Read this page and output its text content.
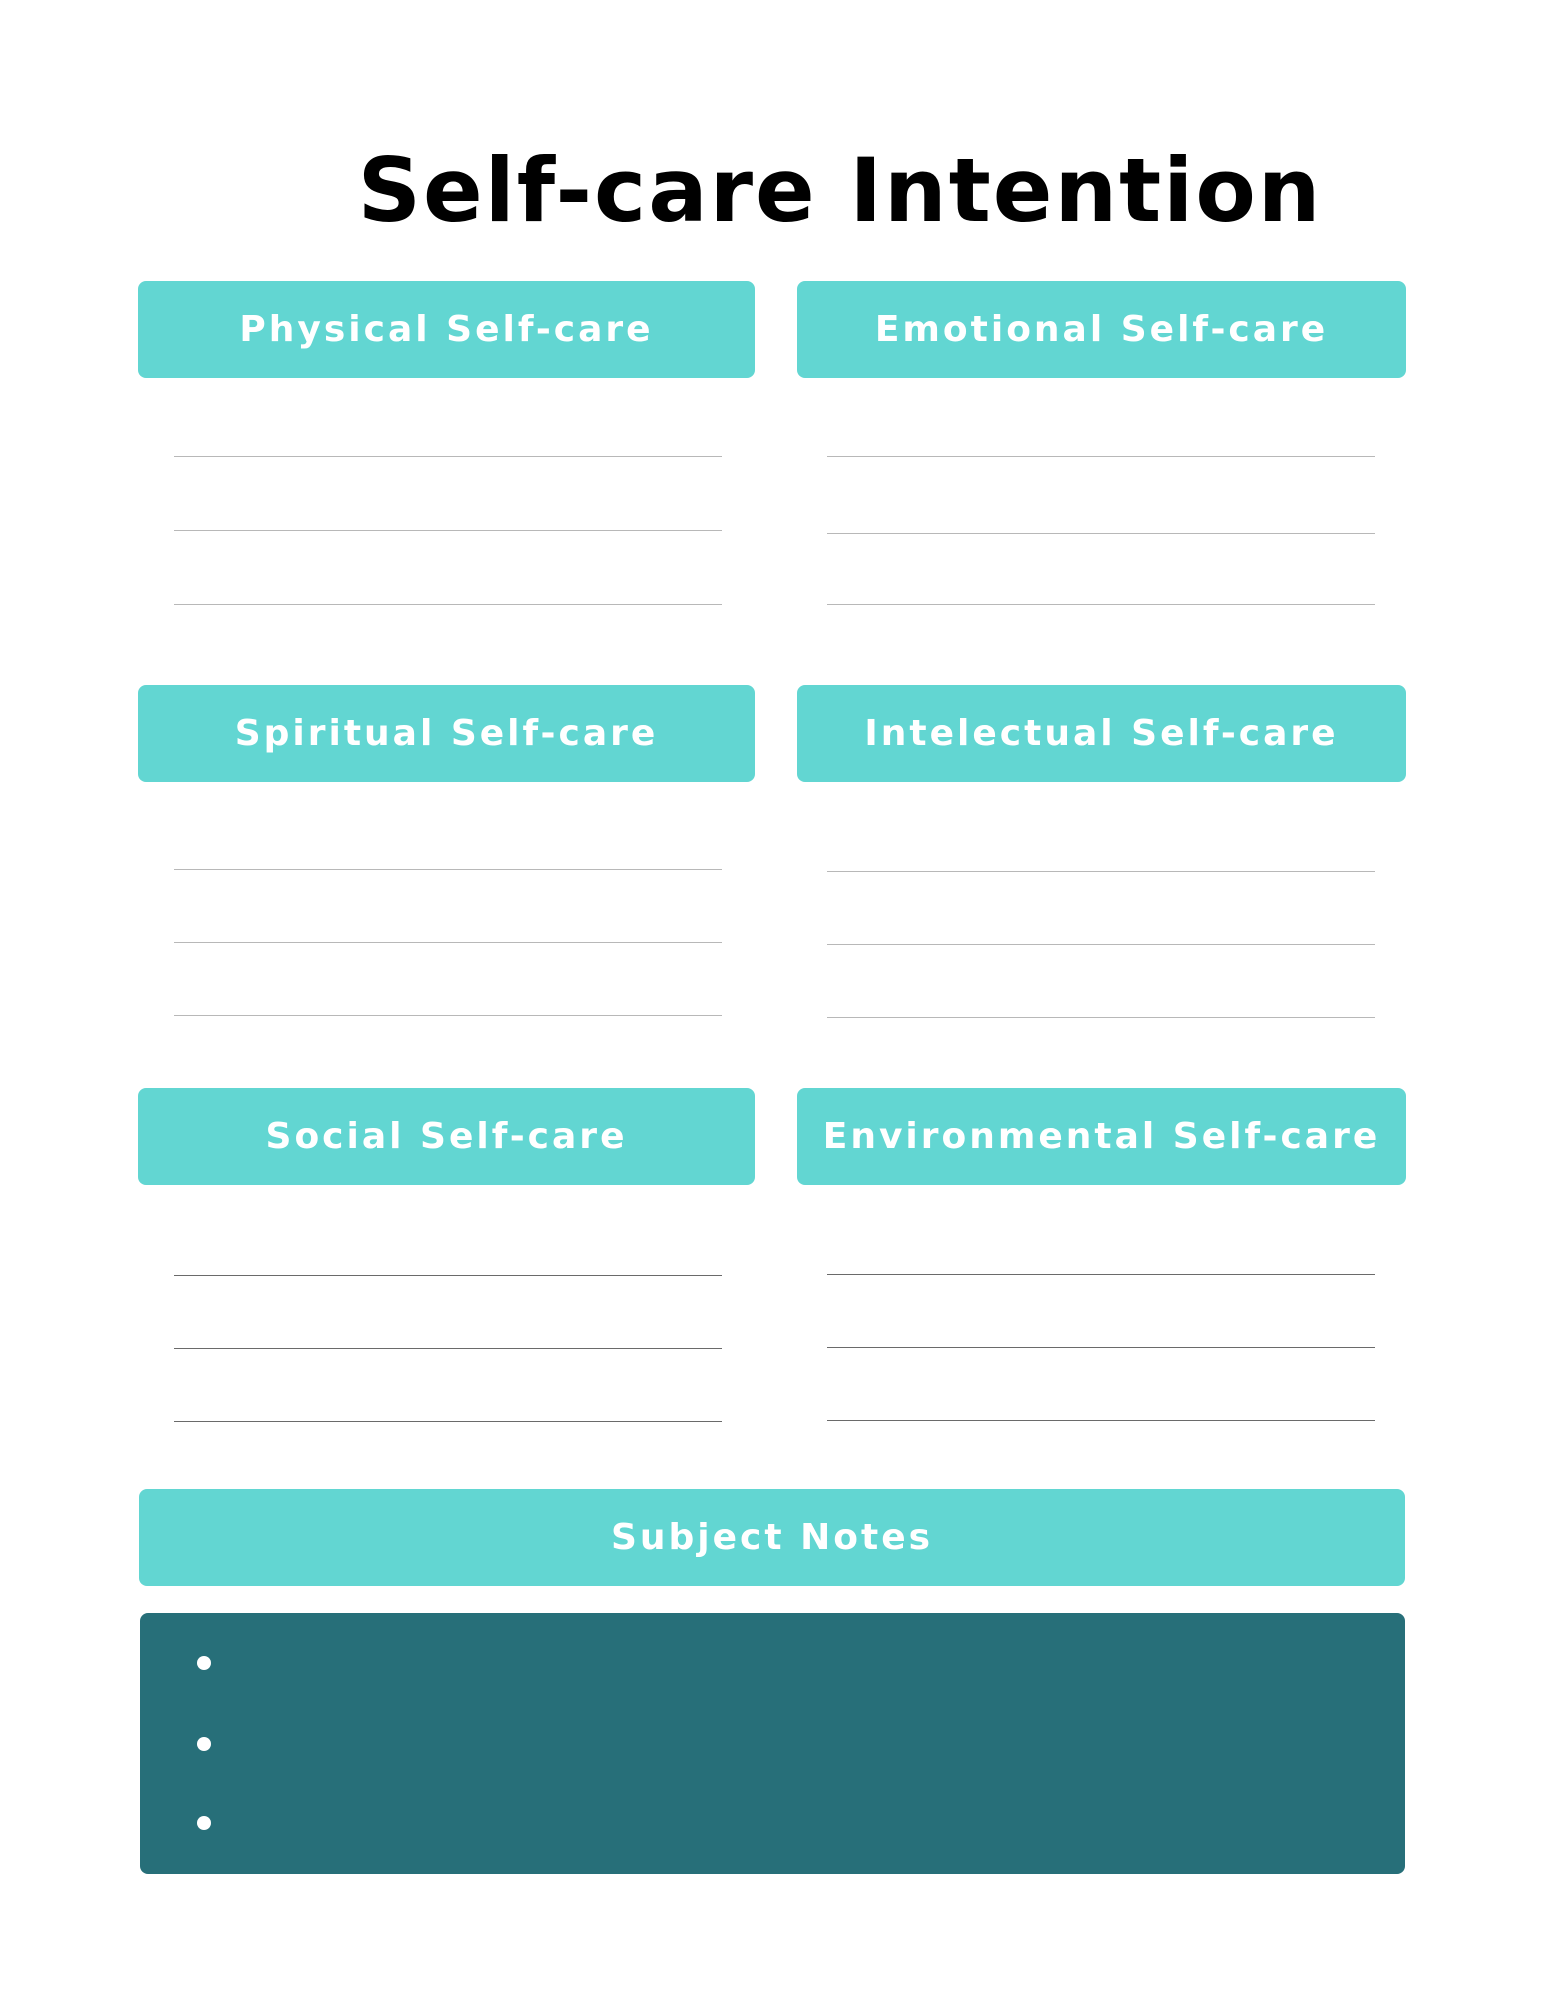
Self-care Intention
Physical Self-care	Emotional Self-care
Spiritual Self-care	Intelectual Self-care
Social Self-care	Environmental Self-care
Subject Notes
